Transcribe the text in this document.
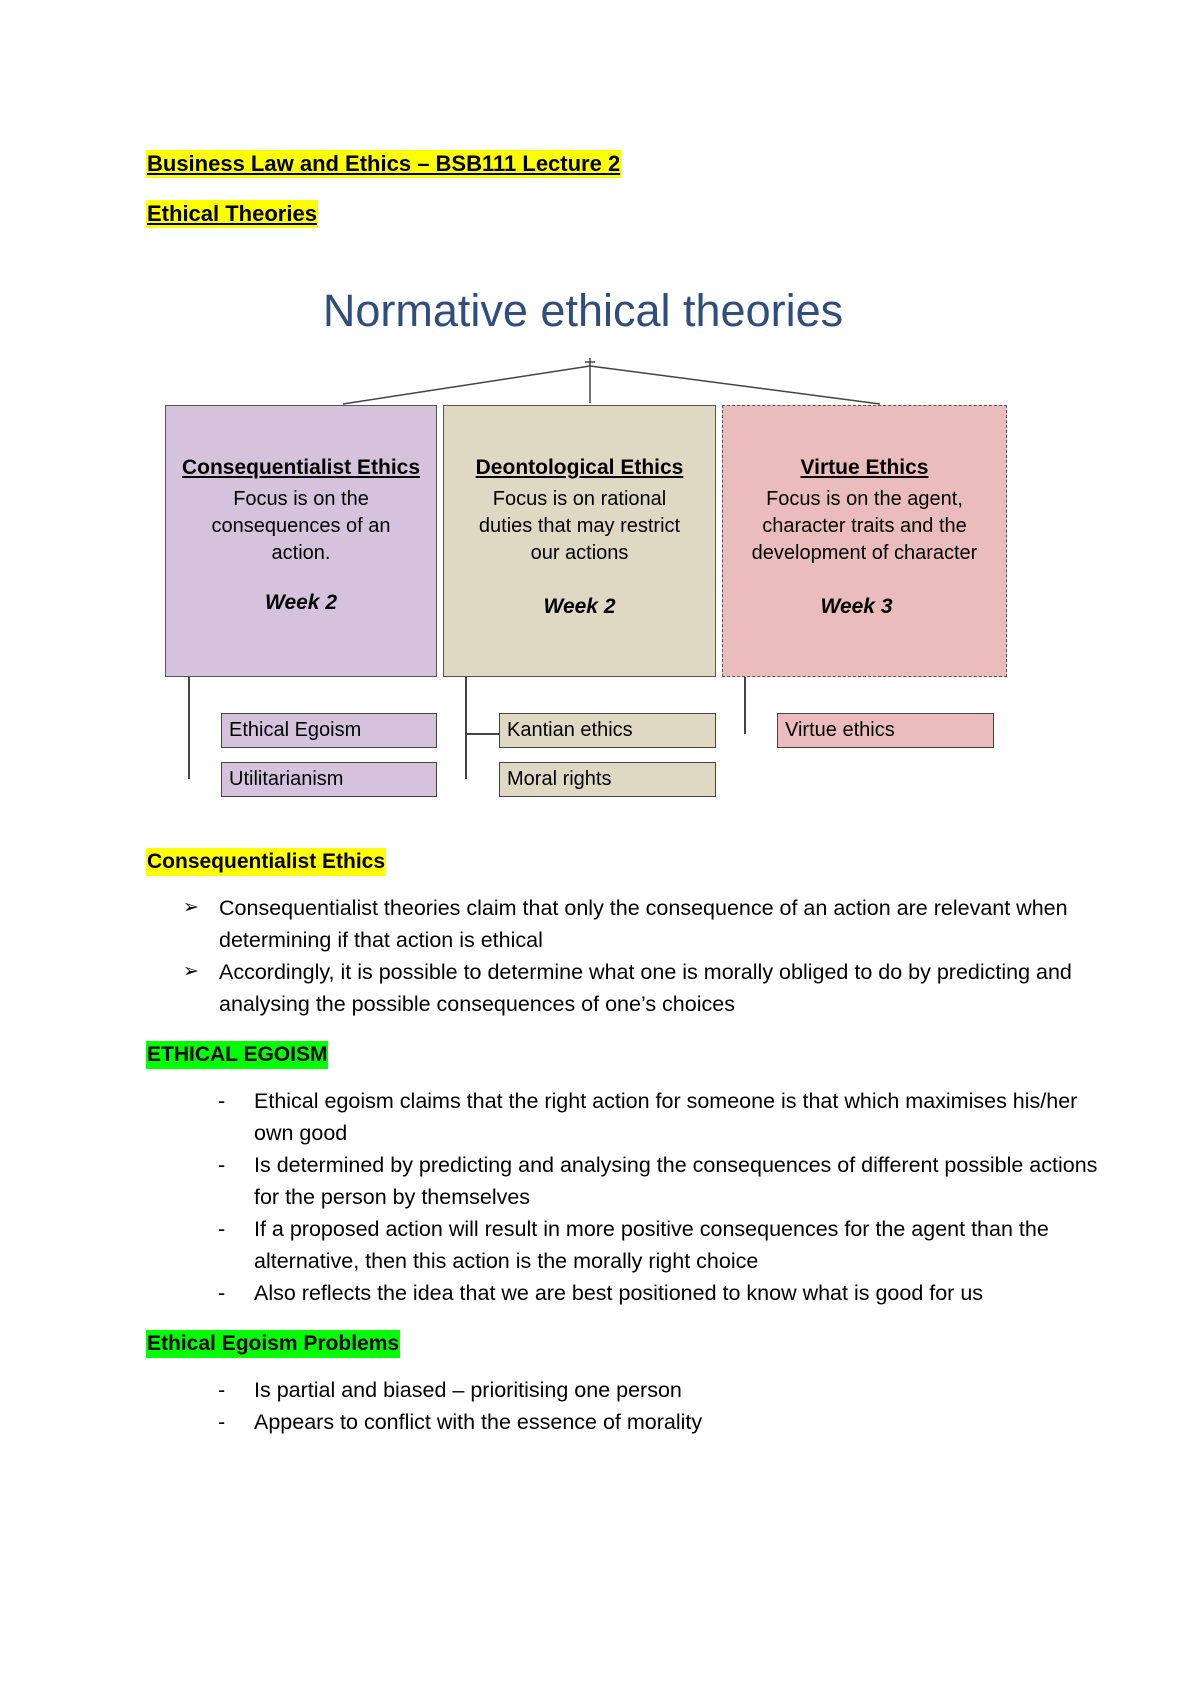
Business Law and Ethics – BSB111 Lecture 2
Ethical Theories
Normative ethical theories
Consequentialist Ethics
Focus is on the
consequences of an
action.
Week 2
Deontological Ethics
Focus is on rational
duties that may restrict
our actions
Week 2
Virtue Ethics
Focus is on the agent,
character traits and the
development of character
Week 3
Ethical Egoism
Utilitarianism
Kantian ethics
Moral rights
Virtue ethics
Consequentialist Ethics
➢ Consequentialist theories claim that only the consequence of an action are relevant when determining if that action is ethical
➢ Accordingly, it is possible to determine what one is morally obliged to do by predicting and analysing the possible consequences of one’s choices
ETHICAL EGOISM
- Ethical egoism claims that the right action for someone is that which maximises his/her own good
- Is determined by predicting and analysing the consequences of different possible actions for the person by themselves
- If a proposed action will result in more positive consequences for the agent than the alternative, then this action is the morally right choice
- Also reflects the idea that we are best positioned to know what is good for us
Ethical Egoism Problems
- Is partial and biased – prioritising one person
- Appears to conflict with the essence of morality
